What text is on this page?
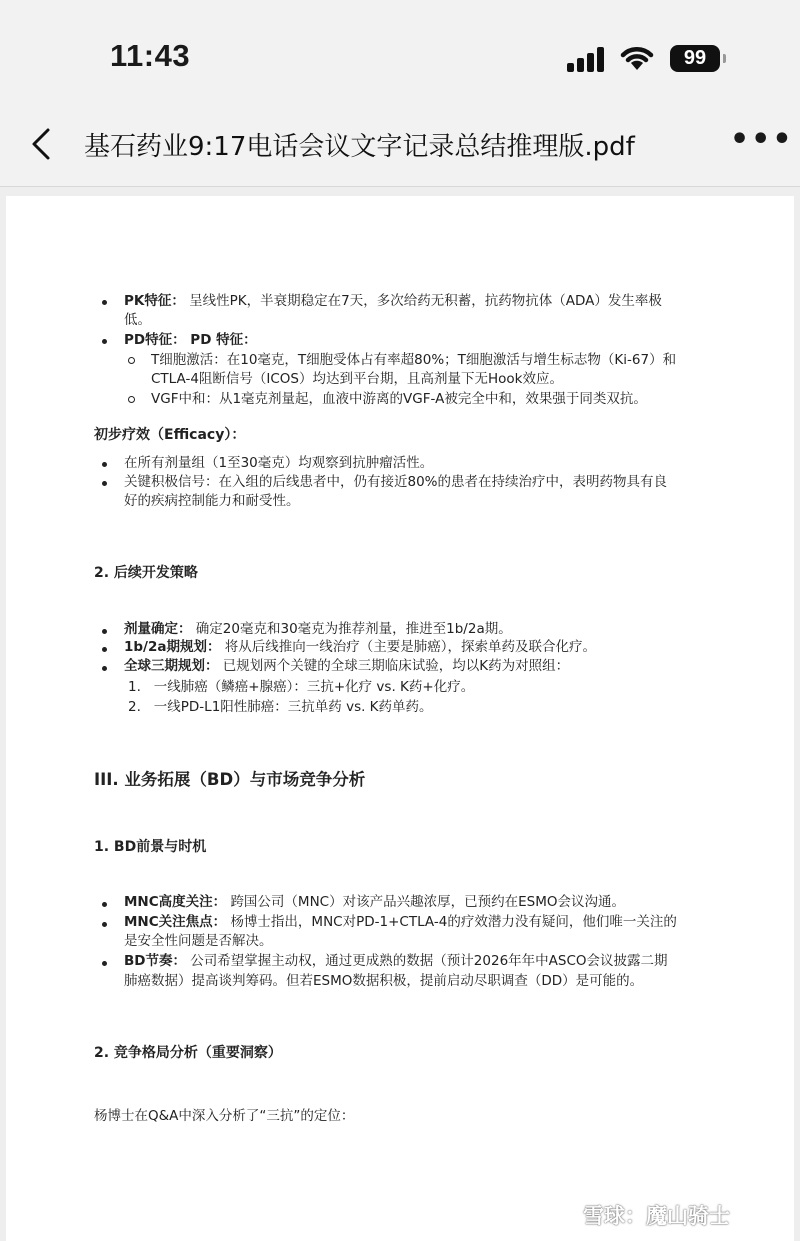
11:43	99
基石药业9:17电话会议文字记录总结推理版.pdf	•••
PK特征： 呈线性PK，半衰期稳定在7天，多次给药无积蓄，抗药物抗体（ADA）发生率极
低。
PD特征： PD 特征：
T细胞激活：在10毫克，T细胞受体占有率超80%；T细胞激活与增生标志物（Ki-67）和
CTLA-4阻断信号（ICOS）均达到平台期，且高剂量下无Hook效应。
VGF中和：从1毫克剂量起，血液中游离的VGF-A被完全中和，效果强于同类双抗。
初步疗效（Efficacy）：
在所有剂量组（1至30毫克）均观察到抗肿瘤活性。
关键积极信号：在入组的后线患者中，仍有接近80%的患者在持续治疗中，表明药物具有良
好的疾病控制能力和耐受性。
2. 后续开发策略
剂量确定： 确定20毫克和30毫克为推荐剂量，推进至1b/2a期。
1b/2a期规划： 将从后线推向一线治疗（主要是肺癌），探索单药及联合化疗。
全球三期规划： 已规划两个关键的全球三期临床试验，均以K药为对照组：
1. 一线肺癌（鳞癌+腺癌）：三抗+化疗 vs. K药+化疗。
2. 一线PD-L1阳性肺癌：三抗单药 vs. K药单药。
III. 业务拓展（BD）与市场竞争分析
1. BD前景与时机
MNC高度关注： 跨国公司（MNC）对该产品兴趣浓厚，已预约在ESMO会议沟通。
MNC关注焦点： 杨博士指出，MNC对PD-1+CTLA-4的疗效潜力没有疑问，他们唯一关注的
是安全性问题是否解决。
BD节奏： 公司希望掌握主动权，通过更成熟的数据（预计2026年年中ASCO会议披露二期
肺癌数据）提高谈判筹码。但若ESMO数据积极，提前启动尽职调查（DD）是可能的。
2. 竞争格局分析（重要洞察）
杨博士在Q&A中深入分析了“三抗”的定位：
雪球：魔山骑士
